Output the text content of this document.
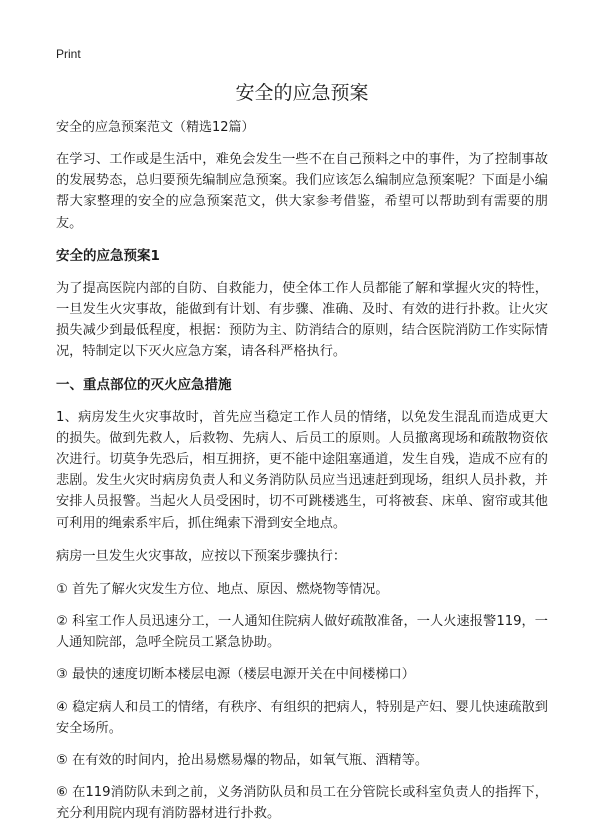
Print
安全的应急预案

安全的应急预案范文（精选12篇）

在学习、工作或是生活中，难免会发生一些不在自己预料之中的事件，为了控制事故的发展势态，总归要预先编制应急预案。我们应该怎么编制应急预案呢？下面是小编帮大家整理的安全的应急预案范文，供大家参考借鉴，希望可以帮助到有需要的朋友。

安全的应急预案1

为了提高医院内部的自防、自救能力，使全体工作人员都能了解和掌握火灾的特性，一旦发生火灾事故，能做到有计划、有步骤、准确、及时、有效的进行扑救。让火灾损失减少到最低程度，根据：预防为主、防消结合的原则，结合医院消防工作实际情况，特制定以下灭火应急方案，请各科严格执行。

一、重点部位的灭火应急措施

1、病房发生火灾事故时，首先应当稳定工作人员的情绪，以免发生混乱而造成更大的损失。做到先救人，后救物、先病人、后员工的原则。人员撤离现场和疏散物资依次进行。切莫争先恐后，相互拥挤，更不能中途阻塞通道，发生自残，造成不应有的悲剧。发生火灾时病房负责人和义务消防队员应当迅速赶到现场，组织人员扑救，并安排人员报警。当起火人员受困时，切不可跳楼逃生，可将被套、床单、窗帘或其他可利用的绳索系牢后，抓住绳索下滑到安全地点。

病房一旦发生火灾事故，应按以下预案步骤执行：

① 首先了解火灾发生方位、地点、原因、燃烧物等情况。

② 科室工作人员迅速分工，一人通知住院病人做好疏散准备，一人火速报警119，一人通知院部，急呼全院员工紧急协助。

③ 最快的速度切断本楼层电源（楼层电源开关在中间楼梯口）

④ 稳定病人和员工的情绪，有秩序、有组织的把病人，特别是产妇、婴儿快速疏散到安全场所。

⑤ 在有效的时间内，抢出易燃易爆的物品，如氧气瓶、酒精等。

⑥ 在119消防队未到之前，义务消防队员和员工在分管院长或科室负责人的指挥下，充分利用院内现有消防器材进行扑救。
